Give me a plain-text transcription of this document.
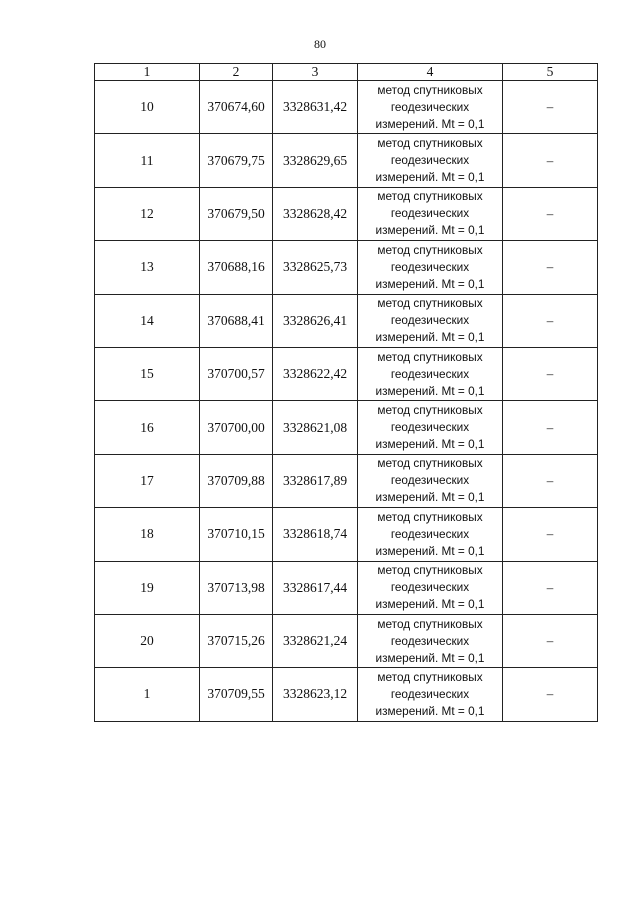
80
1	2	3	4	5
10	370674,60	3328631,42	метод спутниковых
геодезических
измерений. Mt = 0,1	–
11	370679,75	3328629,65	метод спутниковых
геодезических
измерений. Mt = 0,1	–
12	370679,50	3328628,42	метод спутниковых
геодезических
измерений. Mt = 0,1	–
13	370688,16	3328625,73	метод спутниковых
геодезических
измерений. Mt = 0,1	–
14	370688,41	3328626,41	метод спутниковых
геодезических
измерений. Mt = 0,1	–
15	370700,57	3328622,42	метод спутниковых
геодезических
измерений. Mt = 0,1	–
16	370700,00	3328621,08	метод спутниковых
геодезических
измерений. Mt = 0,1	–
17	370709,88	3328617,89	метод спутниковых
геодезических
измерений. Mt = 0,1	–
18	370710,15	3328618,74	метод спутниковых
геодезических
измерений. Mt = 0,1	–
19	370713,98	3328617,44	метод спутниковых
геодезических
измерений. Mt = 0,1	–
20	370715,26	3328621,24	метод спутниковых
геодезических
измерений. Mt = 0,1	–
1	370709,55	3328623,12	метод спутниковых
геодезических
измерений. Mt = 0,1	–
